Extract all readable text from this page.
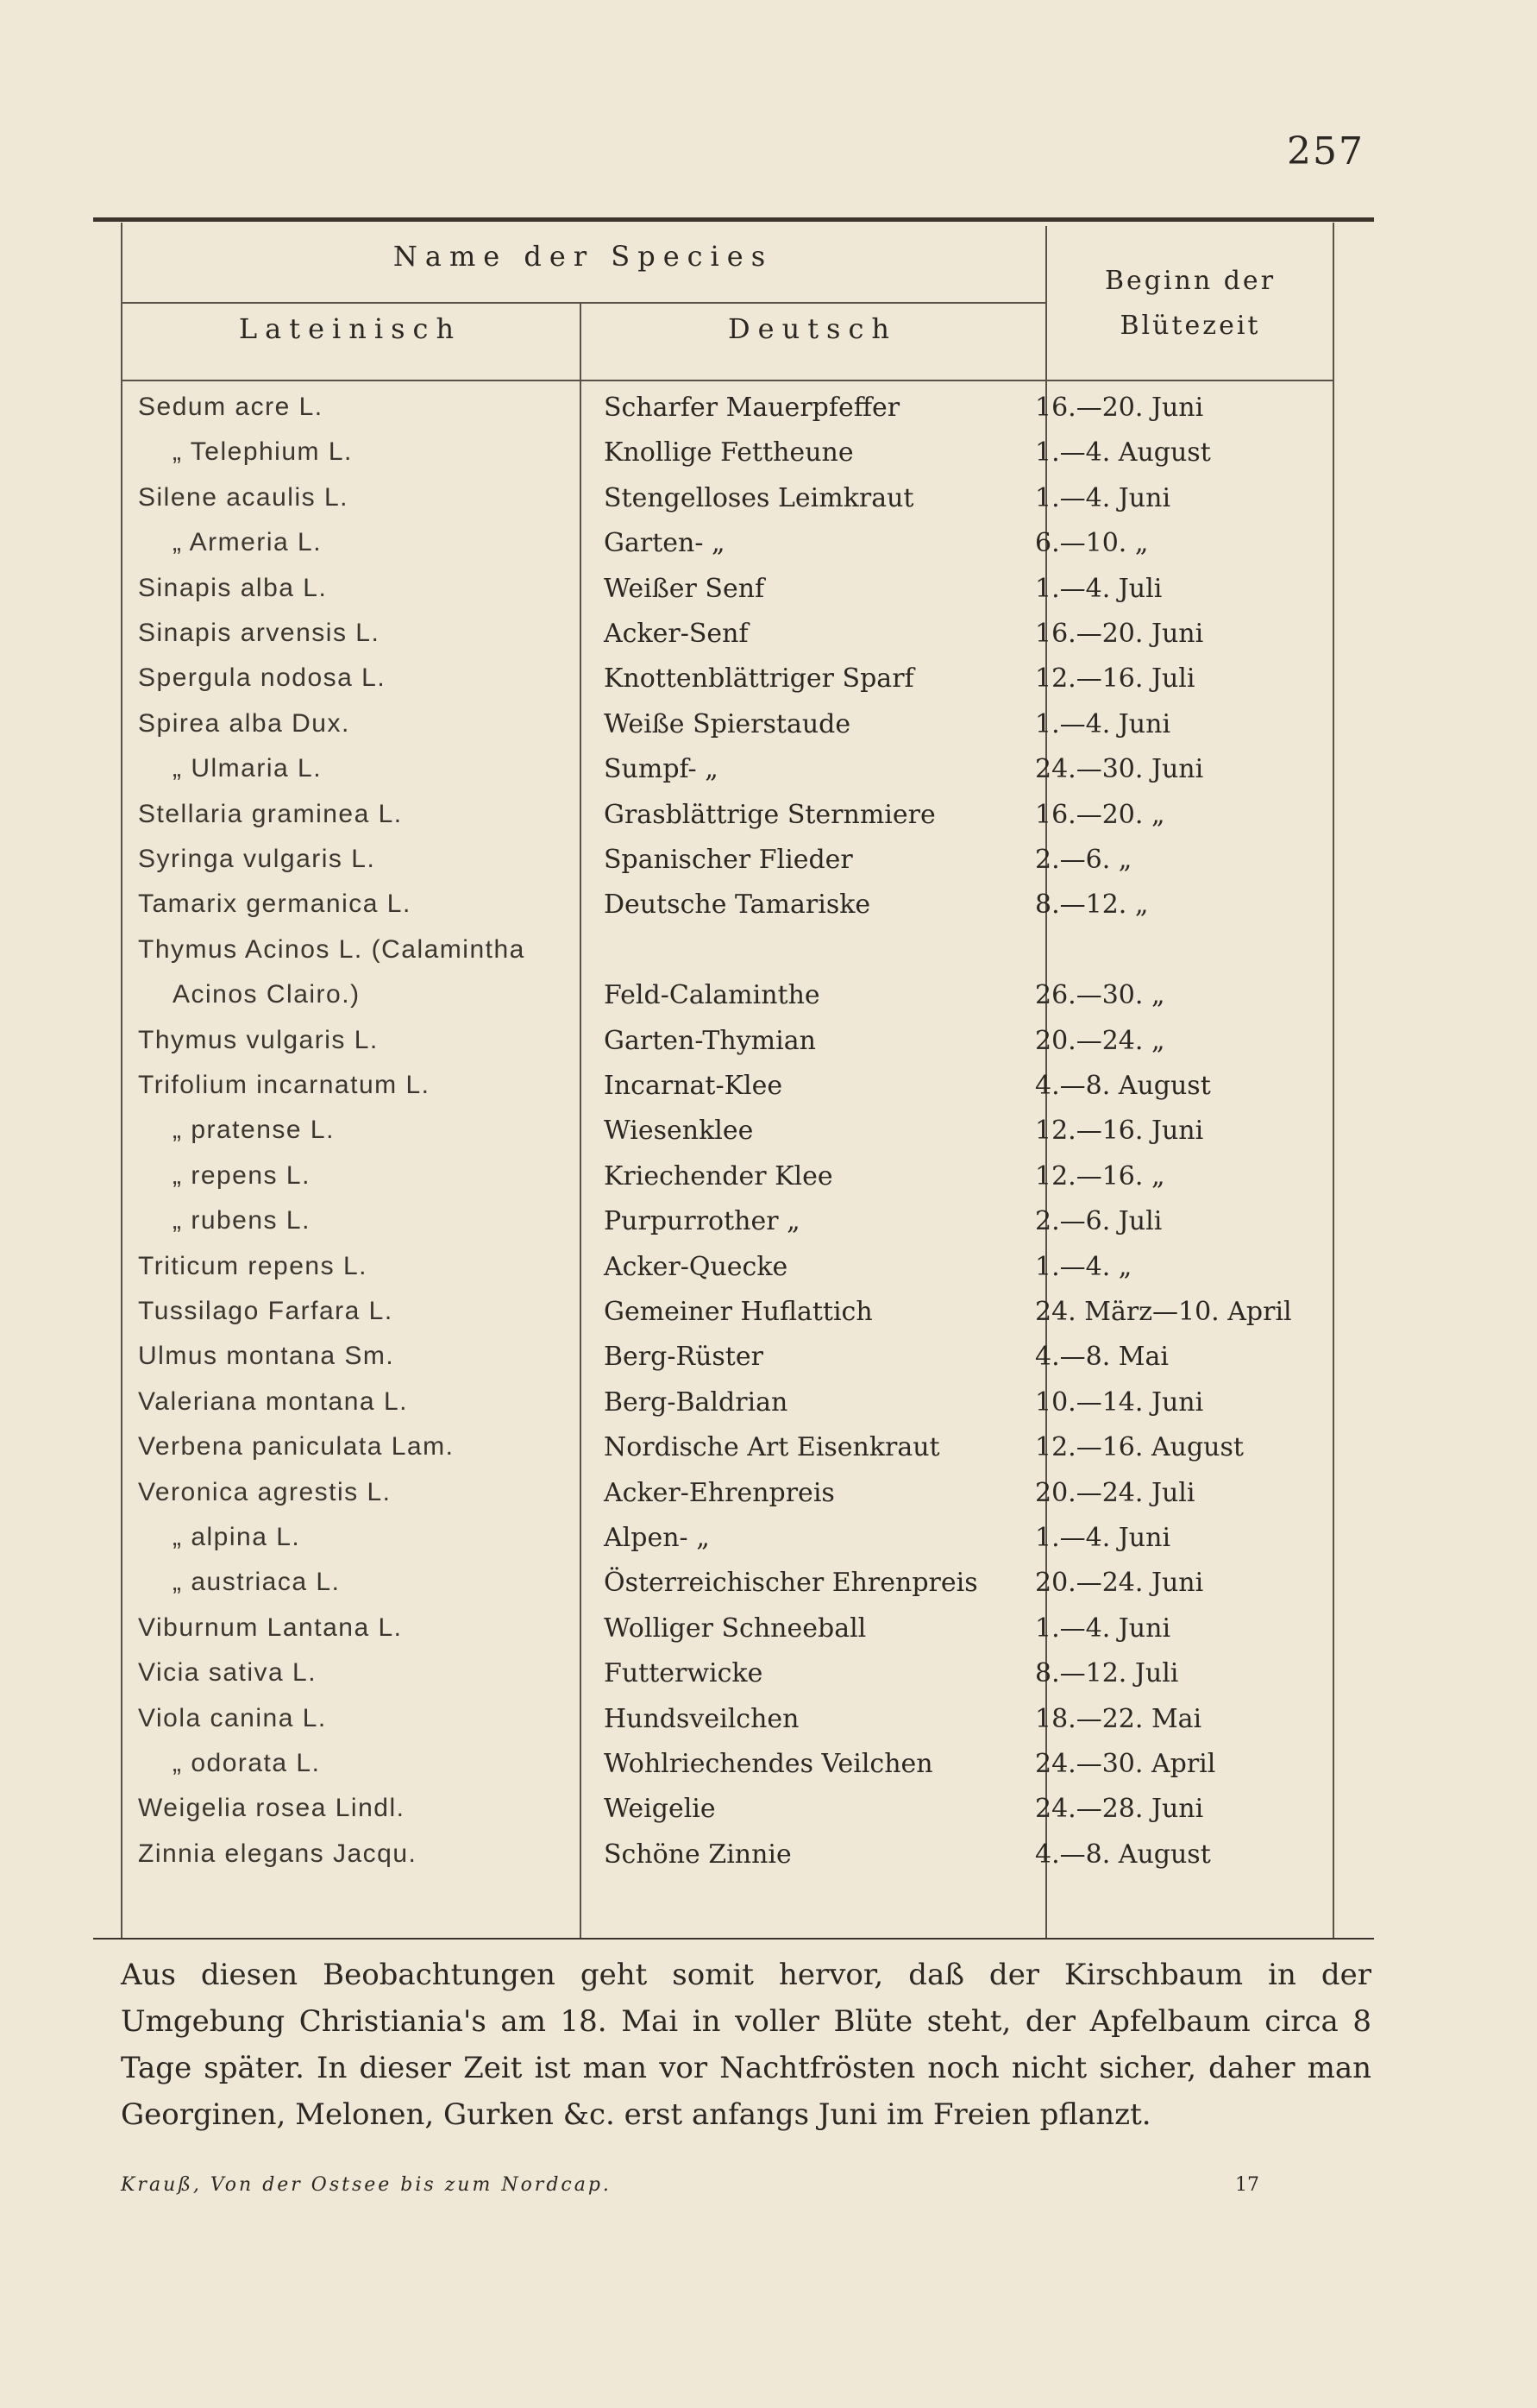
257
Name der Species
Lateinisch	Deutsch
Beginn der Blütezeit
Sedum acre L.	Scharfer Mauerpfeffer	16.—20. Juni
„ Telephium L.	Knollige Fettheune	1.—4. August
Silene acaulis L.	Stengelloses Leimkraut	1.—4. Juni
„ Armeria L.	Garten- „	6.—10. „
Sinapis alba L.	Weißer Senf	1.—4. Juli
Sinapis arvensis L.	Acker-Senf	16.—20. Juni
Spergula nodosa L.	Knottenblättriger Sparf	12.—16. Juli
Spirea alba Dux.	Weiße Spierstaude	1.—4. Juni
„ Ulmaria L.	Sumpf- „	24.—30. Juni
Stellaria graminea L.	Grasblättrige Sternmiere	16.—20. „
Syringa vulgaris L.	Spanischer Flieder	2.—6. „
Tamarix germanica L.	Deutsche Tamariske	8.—12. „
Thymus Acinos L. (Calamintha
Acinos Clairo.)	Feld-Calaminthe	26.—30. „
Thymus vulgaris L.	Garten-Thymian	20.—24. „
Trifolium incarnatum L.	Incarnat-Klee	4.—8. August
„ pratense L.	Wiesenklee	12.—16. Juni
„ repens L.	Kriechender Klee	12.—16. „
„ rubens L.	Purpurrother „	2.—6. Juli
Triticum repens L.	Acker-Quecke	1.—4. „
Tussilago Farfara L.	Gemeiner Huflattich	24. März—10. April
Ulmus montana Sm.	Berg-Rüster	4.—8. Mai
Valeriana montana L.	Berg-Baldrian	10.—14. Juni
Verbena paniculata Lam.	Nordische Art Eisenkraut	12.—16. August
Veronica agrestis L.	Acker-Ehrenpreis	20.—24. Juli
„ alpina L.	Alpen- „	1.—4. Juni
„ austriaca L.	Österreichischer Ehrenpreis 20.—24. Juni
Viburnum Lantana L.	Wolliger Schneeball	1.—4. Juni
Vicia sativa L.	Futterwicke	8.—12. Juli
Viola canina L.	Hundsveilchen	18.—22. Mai
„ odorata L.	Wohlriechendes Veilchen	24.—30. April
Weigelia rosea Lindl.	Weigelie	24.—28. Juni
Zinnia elegans Jacqu.	Schöne Zinnie	4.—8. August
Aus diesen Beobachtungen geht somit hervor, daß der Kirschbaum in der Umgebung Christiania's am 18. Mai in voller Blüte steht, der Apfelbaum circa 8 Tage später. In dieser Zeit ist man vor Nachtfrösten noch nicht sicher, daher man Georginen, Melonen, Gurken &c. erst anfangs Juni im Freien pflanzt.
Krauß, Von der Ostsee bis zum Nordcap.	17
